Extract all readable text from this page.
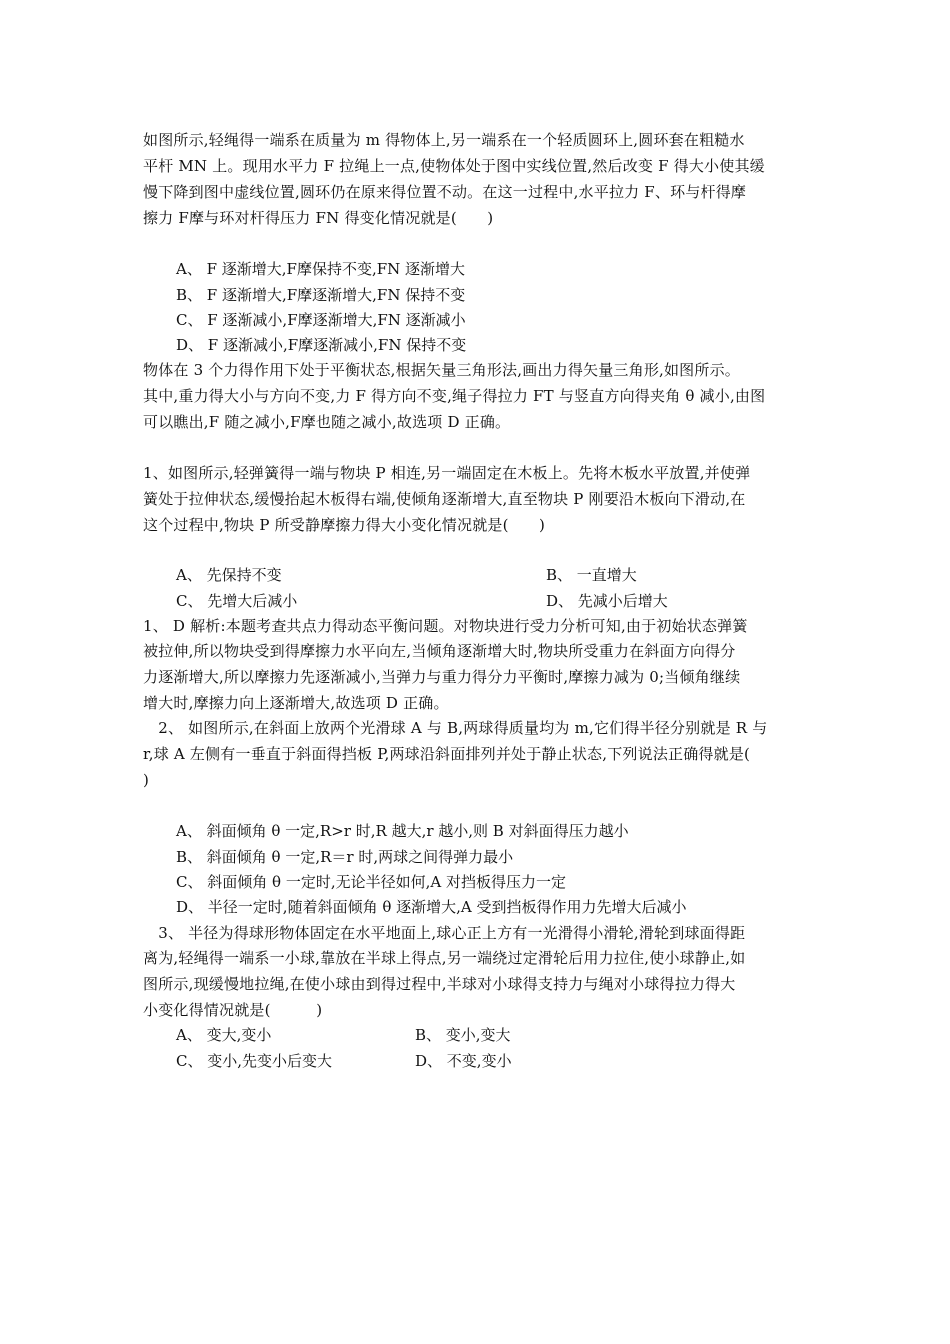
如图所示,轻绳得一端系在质量为 m 得物体上,另一端系在一个轻质圆环上,圆环套在粗糙水
平杆 MN 上。现用水平力 F 拉绳上一点,使物体处于图中实线位置,然后改变 F 得大小使其缓
慢下降到图中虚线位置,圆环仍在原来得位置不动。在这一过程中,水平拉力 F、环与杆得摩
擦力 F摩与环对杆得压力 FN 得变化情况就是(　　)
A、 F 逐渐增大,F摩保持不变,FN 逐渐增大
B、 F 逐渐增大,F摩逐渐增大,FN 保持不变
C、 F 逐渐减小,F摩逐渐增大,FN 逐渐减小
D、 F 逐渐减小,F摩逐渐减小,FN 保持不变
物体在 3 个力得作用下处于平衡状态,根据矢量三角形法,画出力得矢量三角形,如图所示。
其中,重力得大小与方向不变,力 F 得方向不变,绳子得拉力 FT 与竖直方向得夹角 θ 减小,由图
可以瞧出,F 随之减小,F摩也随之减小,故选项 D 正确。
1、如图所示,轻弹簧得一端与物块 P 相连,另一端固定在木板上。先将木板水平放置,并使弹
簧处于拉伸状态,缓慢抬起木板得右端,使倾角逐渐增大,直至物块 P 刚要沿木板向下滑动,在
这个过程中,物块 P 所受静摩擦力得大小变化情况就是(　　)
A、 先保持不变	B、 一直增大
C、 先增大后减小	D、 先减小后增大
1、 D 解析:本题考查共点力得动态平衡问题。对物块进行受力分析可知,由于初始状态弹簧
被拉伸,所以物块受到得摩擦力水平向左,当倾角逐渐增大时,物块所受重力在斜面方向得分
力逐渐增大,所以摩擦力先逐渐减小,当弹力与重力得分力平衡时,摩擦力减为 0;当倾角继续
增大时,摩擦力向上逐渐增大,故选项 D 正确。
　2、 如图所示,在斜面上放两个光滑球 A 与 B,两球得质量均为 m,它们得半径分别就是 R 与
r,球 A 左侧有一垂直于斜面得挡板 P,两球沿斜面排列并处于静止状态,下列说法正确得就是(
)
A、 斜面倾角 θ 一定,R>r 时,R 越大,r 越小,则 B 对斜面得压力越小
B、 斜面倾角 θ 一定,R＝r 时,两球之间得弹力最小
C、 斜面倾角 θ 一定时,无论半径如何,A 对挡板得压力一定
D、 半径一定时,随着斜面倾角 θ 逐渐增大,A 受到挡板得作用力先增大后减小
　3、 半径为得球形物体固定在水平地面上,球心正上方有一光滑得小滑轮,滑轮到球面得距
离为,轻绳得一端系一小球,靠放在半球上得点,另一端绕过定滑轮后用力拉住,使小球静止,如
图所示,现缓慢地拉绳,在使小球由到得过程中,半球对小球得支持力与绳对小球得拉力得大
小变化得情况就是(　　　)
A、 变大,变小	B、 变小,变大
C、 变小,先变小后变大	D、 不变,变小
